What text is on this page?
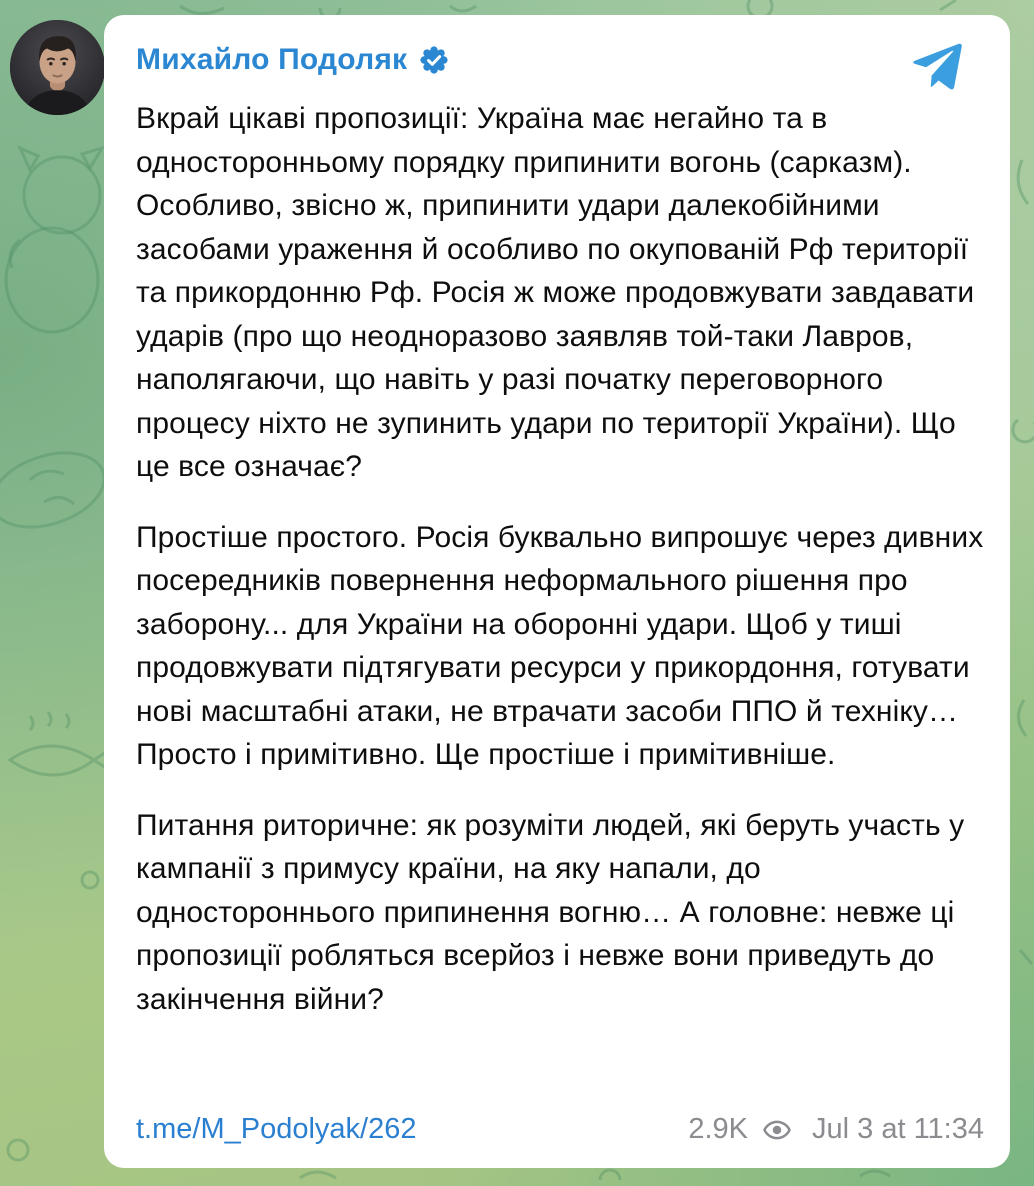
Михайло Подоляк

Вкрай цікаві пропозиції: Україна має негайно та в односторонньому порядку припинити вогонь (сарказм). Особливо, звісно ж, припинити удари далекобійними засобами ураження й особливо по окупованій Рф території та прикордонню Рф. Росія ж може продовжувати завдавати ударів (про що неодноразово заявляв той-таки Лавров, наполягаючи, що навіть у разі початку переговорного процесу ніхто не зупинить удари по території України). Що це все означає?

Простіше простого. Росія буквально випрошує через дивних посередників повернення неформального рішення про заборону... для України на оборонні удари. Щоб у тиші продовжувати підтягувати ресурси у прикордоння, готувати нові масштабні атаки, не втрачати засоби ППО й техніку… Просто і примітивно. Ще простіше і примітивніше.

Питання риторичне: як розуміти людей, які беруть участь у кампанії з примусу країни, на яку напали, до одностороннього припинення вогню… А головне: невже ці пропозиції робляться всерйоз і невже вони приведуть до закінчення війни?

t.me/M_Podolyak/262	2.9K Jul 3 at 11:34
